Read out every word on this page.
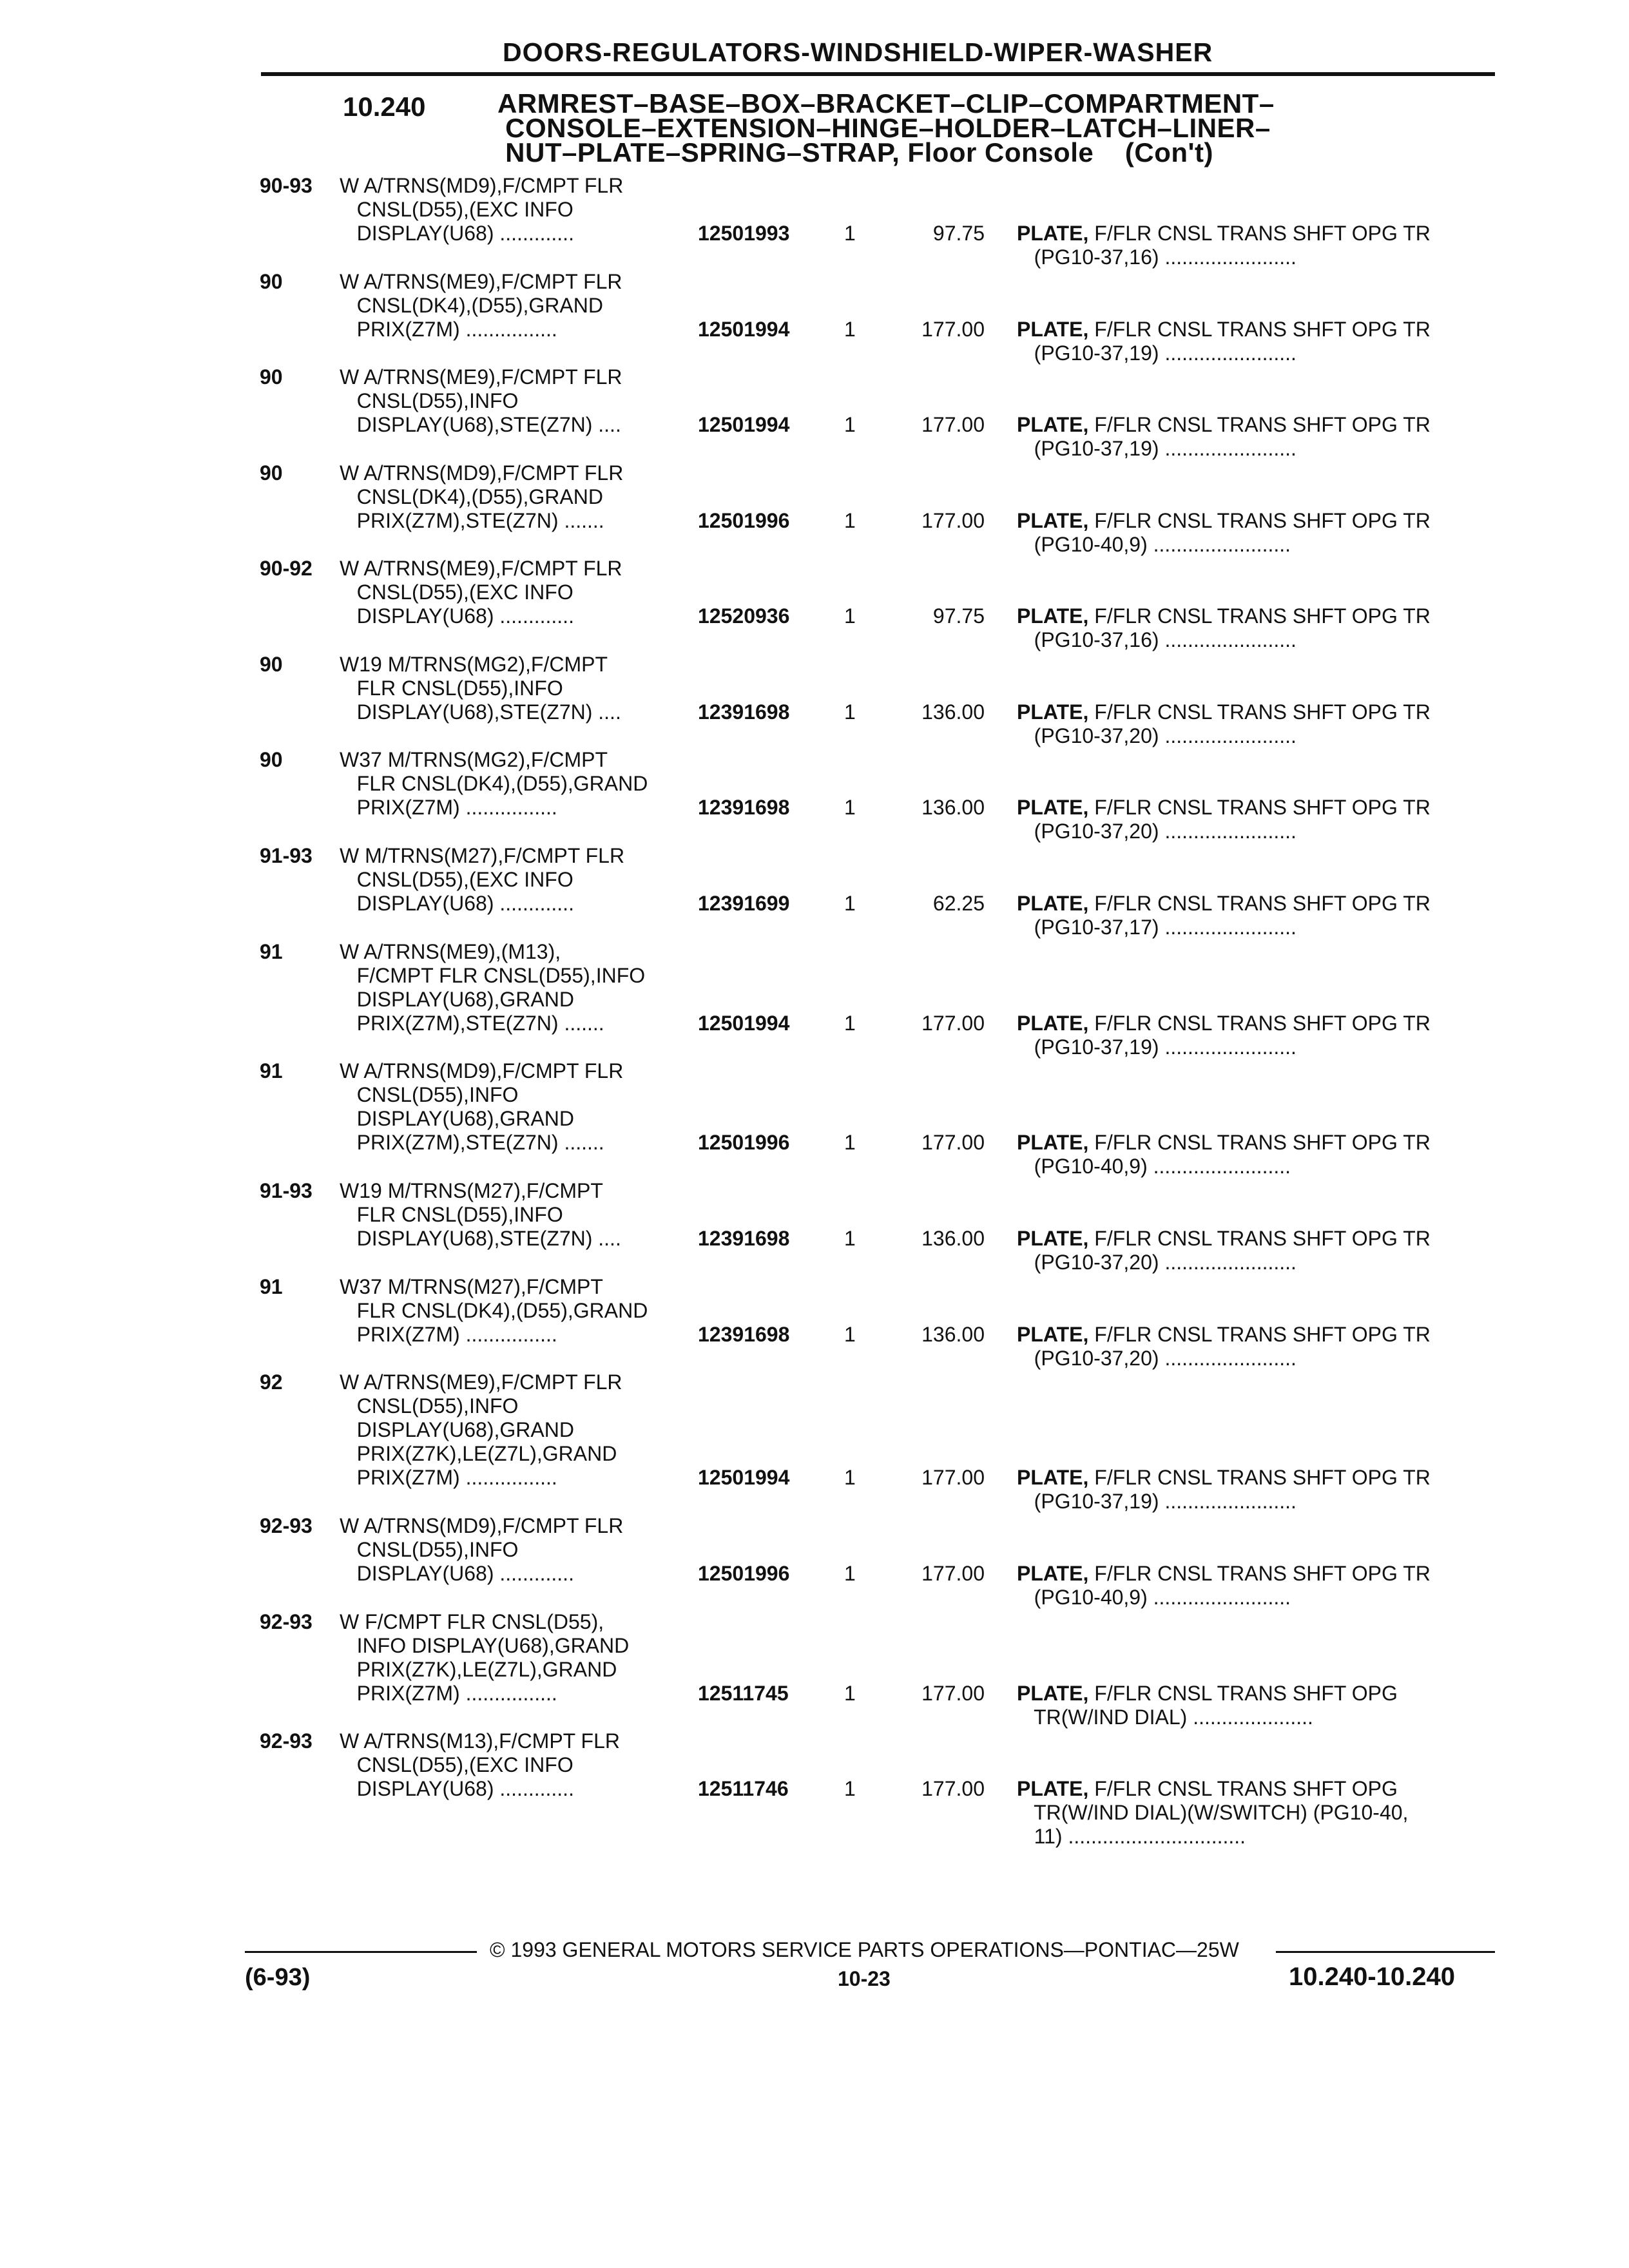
DOORS-REGULATORS-WINDSHIELD-WIPER-WASHER
10.240	ARMREST–BASE–BOX–BRACKET–CLIP–COMPARTMENT–
CONSOLE–EXTENSION–HINGE–HOLDER–LATCH–LINER–
NUT–PLATE–SPRING–STRAP, Floor Console    (Con't)
90-93 W A/TRNS(MD9),F/CMPT FLR
CNSL(D55),(EXC INFO
DISPLAY(U68) .............	12501993	1	97.75 PLATE, F/FLR CNSL TRANS SHFT OPG TR
(PG10-37,16) .......................
90	W A/TRNS(ME9),F/CMPT FLR
CNSL(DK4),(D55),GRAND
PRIX(Z7M) ................	12501994	1	177.00 PLATE, F/FLR CNSL TRANS SHFT OPG TR
(PG10-37,19) .......................
90	W A/TRNS(ME9),F/CMPT FLR
CNSL(D55),INFO
DISPLAY(U68),STE(Z7N) ....	12501994	1	177.00 PLATE, F/FLR CNSL TRANS SHFT OPG TR
(PG10-37,19) .......................
90	W A/TRNS(MD9),F/CMPT FLR
CNSL(DK4),(D55),GRAND
PRIX(Z7M),STE(Z7N) .......	12501996	1	177.00 PLATE, F/FLR CNSL TRANS SHFT OPG TR
(PG10-40,9) ........................
90-92 W A/TRNS(ME9),F/CMPT FLR
CNSL(D55),(EXC INFO
DISPLAY(U68) .............	12520936	1	97.75 PLATE, F/FLR CNSL TRANS SHFT OPG TR
(PG10-37,16) .......................
90	W19 M/TRNS(MG2),F/CMPT
FLR CNSL(D55),INFO
DISPLAY(U68),STE(Z7N) ....	12391698	1	136.00 PLATE, F/FLR CNSL TRANS SHFT OPG TR
(PG10-37,20) .......................
90	W37 M/TRNS(MG2),F/CMPT
FLR CNSL(DK4),(D55),GRAND
PRIX(Z7M) ................	12391698	1	136.00 PLATE, F/FLR CNSL TRANS SHFT OPG TR
(PG10-37,20) .......................
91-93 W M/TRNS(M27),F/CMPT FLR
CNSL(D55),(EXC INFO
DISPLAY(U68) .............	12391699	1	62.25 PLATE, F/FLR CNSL TRANS SHFT OPG TR
(PG10-37,17) .......................
91	W A/TRNS(ME9),(M13),
F/CMPT FLR CNSL(D55),INFO
DISPLAY(U68),GRAND
PRIX(Z7M),STE(Z7N) .......	12501994	1	177.00 PLATE, F/FLR CNSL TRANS SHFT OPG TR
(PG10-37,19) .......................
91	W A/TRNS(MD9),F/CMPT FLR
CNSL(D55),INFO
DISPLAY(U68),GRAND
PRIX(Z7M),STE(Z7N) .......	12501996	1	177.00 PLATE, F/FLR CNSL TRANS SHFT OPG TR
(PG10-40,9) ........................
91-93 W19 M/TRNS(M27),F/CMPT
FLR CNSL(D55),INFO
DISPLAY(U68),STE(Z7N) ....	12391698	1	136.00 PLATE, F/FLR CNSL TRANS SHFT OPG TR
(PG10-37,20) .......................
91	W37 M/TRNS(M27),F/CMPT
FLR CNSL(DK4),(D55),GRAND
PRIX(Z7M) ................	12391698	1	136.00 PLATE, F/FLR CNSL TRANS SHFT OPG TR
(PG10-37,20) .......................
92	W A/TRNS(ME9),F/CMPT FLR
CNSL(D55),INFO
DISPLAY(U68),GRAND
PRIX(Z7K),LE(Z7L),GRAND
PRIX(Z7M) ................	12501994	1	177.00 PLATE, F/FLR CNSL TRANS SHFT OPG TR
(PG10-37,19) .......................
92-93 W A/TRNS(MD9),F/CMPT FLR
CNSL(D55),INFO
DISPLAY(U68) .............	12501996	1	177.00 PLATE, F/FLR CNSL TRANS SHFT OPG TR
(PG10-40,9) ........................
92-93 W F/CMPT FLR CNSL(D55),
INFO DISPLAY(U68),GRAND
PRIX(Z7K),LE(Z7L),GRAND
PRIX(Z7M) ................	12511745	1	177.00 PLATE, F/FLR CNSL TRANS SHFT OPG
TR(W/IND DIAL) .....................
92-93 W A/TRNS(M13),F/CMPT FLR
CNSL(D55),(EXC INFO
DISPLAY(U68) .............	12511746	1	177.00 PLATE, F/FLR CNSL TRANS SHFT OPG
TR(W/IND DIAL)(W/SWITCH) (PG10-40,
11) ...............................
© 1993 GENERAL MOTORS SERVICE PARTS OPERATIONS—PONTIAC—25W
(6-93)	10-23	10.240-10.240
